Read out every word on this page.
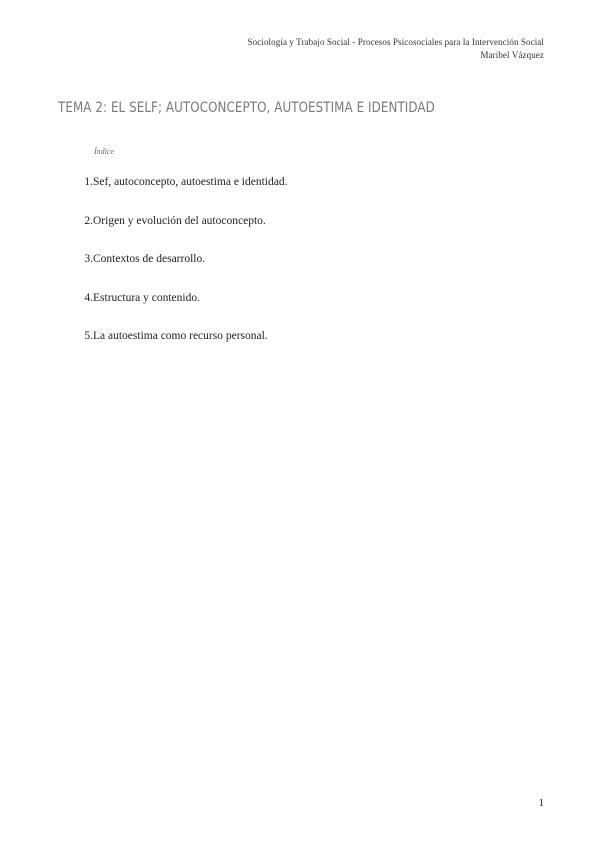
Sociología y Trabajo Social - Procesos Psicosociales para la Intervención Social
Maribel Vázquez
TEMA 2: EL SELF; AUTOCONCEPTO, AUTOESTIMA E IDENTIDAD
Índice
1. Sef, autoconcepto, autoestima e identidad.
2. Origen y evolución del autoconcepto.
3. Contextos de desarrollo.
4. Estructura y contenido.
5. La autoestima como recurso personal.
1
